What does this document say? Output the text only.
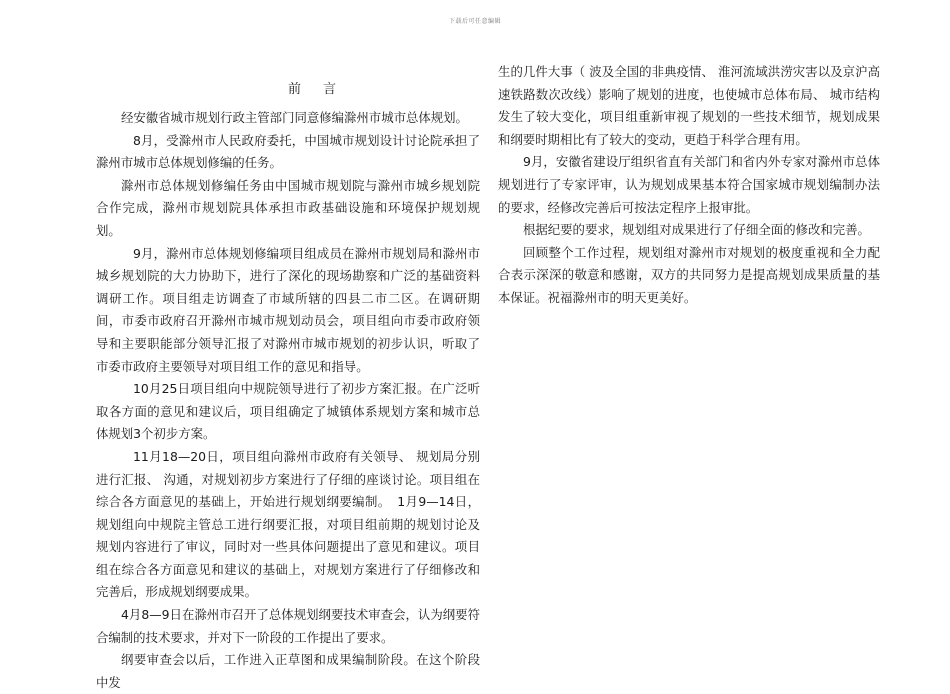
下载后可任意编辑
前 言

经安徽省城市规划行政主管部门同意修编滁州市城市总体规划。

8月，受滁州市人民政府委托，中国城市规划设计讨论院承担了滁州市城市总体规划修编的任务。

滁州市总体规划修编任务由中国城市规划院与滁州市城乡规划院合作完成，滁州市规划院具体承担市政基础设施和环境保护规划规划。

9月，滁州市总体规划修编项目组成员在滁州市规划局和滁州市城乡规划院的大力协助下，进行了深化的现场勘察和广泛的基础资料调研工作。项目组走访调查了市域所辖的四县二市二区。在调研期间，市委市政府召开滁州市城市规划动员会，项目组向市委市政府领导和主要职能部分领导汇报了对滁州市城市规划的初步认识，听取了市委市政府主要领导对项目组工作的意见和指导。

10月25日项目组向中规院领导进行了初步方案汇报。在广泛听取各方面的意见和建议后，项目组确定了城镇体系规划方案和城市总体规划3个初步方案。

11月18—20日，项目组向滁州市政府有关领导、 规划局分别进行汇报、 沟通，对规划初步方案进行了仔细的座谈讨论。项目组在综合各方面意见的基础上，开始进行规划纲要编制。　1月9—14日，规划组向中规院主管总工进行纲要汇报，对项目组前期的规划讨论及规划内容进行了审议，同时对一些具体问题提出了意见和建议。项目组在综合各方面意见和建议的基础上，对规划方案进行了仔细修改和完善后，形成规划纲要成果。

4月8—9日在滁州市召开了总体规划纲要技术审查会，认为纲要符合编制的技术要求，并对下一阶段的工作提出了要求。

纲要审查会以后，工作进入正草图和成果编制阶段。在这个阶段中发

生的几件大事（ 波及全国的非典疫情、 淮河流域洪涝灾害以及京沪高速铁路数次改线）影响了规划的进度，也使城市总体布局、 城市结构发生了较大变化，项目组重新审视了规划的一些技术细节，规划成果和纲要时期相比有了较大的变动，更趋于科学合理有用。

9月，安徽省建设厅组织省直有关部门和省内外专家对滁州市总体规划进行了专家评审，认为规划成果基本符合国家城市规划编制办法的要求，经修改完善后可按法定程序上报审批。

根据纪要的要求，规划组对成果进行了仔细全面的修改和完善。

回顾整个工作过程，规划组对滁州市对规划的极度重视和全力配合表示深深的敬意和感谢，双方的共同努力是提高规划成果质量的基本保证。祝福滁州市的明天更美好。
